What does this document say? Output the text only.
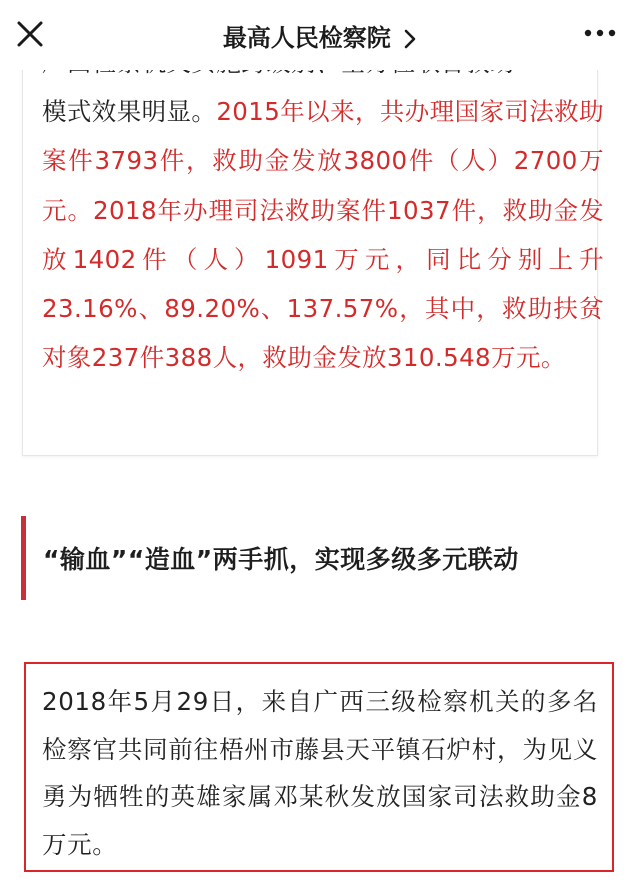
最高人民检察院

模式效果明显。2015年以来，共办理国家司法救助案件3793件，救助金发放3800件（人）2700万元。2018年办理司法救助案件1037件，救助金发放1402件（人）1091万元，同比分别上升23.16%、89.20%、137.57%，其中，救助扶贫对象237件388人，救助金发放310.548万元。
“输血”“造血”两手抓，实现多级多元联动
2018年5月29日，来自广西三级检察机关的多名检察官共同前往梧州市藤县天平镇石炉村，为见义勇为牺牲的英雄家属邓某秋发放国家司法救助金8万元。
